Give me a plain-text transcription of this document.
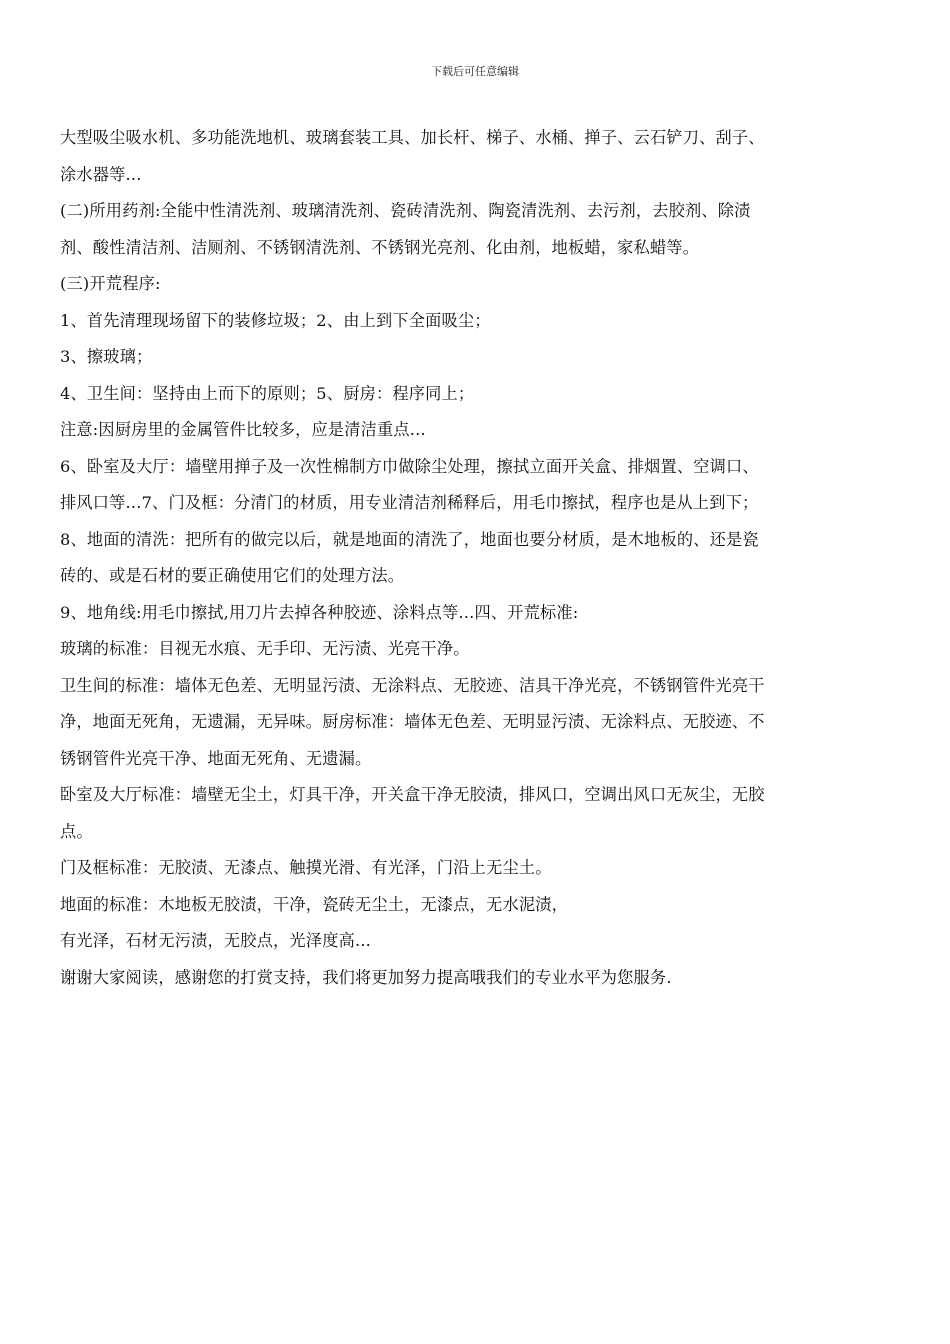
下载后可任意编辑
大型吸尘吸水机、多功能洗地机、玻璃套装工具、加长杆、梯子、水桶、掸子、云石铲刀、刮子、
涂水器等...
(二)所用药剂:全能中性清洗剂、玻璃清洗剂、瓷砖清洗剂、陶瓷清洗剂、去污剂，去胶剂、除渍
剂、酸性清洁剂、洁厕剂、不锈钢清洗剂、不锈钢光亮剂、化由剂，地板蜡，家私蜡等。
(三)开荒程序:
1、首先清理现场留下的装修垃圾；2、由上到下全面吸尘；
3、擦玻璃；
4、卫生间：坚持由上而下的原则；5、厨房：程序同上；
注意:因厨房里的金属管件比较多，应是清洁重点...
6、卧室及大厅：墙壁用掸子及一次性棉制方巾做除尘处理，擦拭立面开关盒、排烟置、空调口、
排风口等...7、门及框：分清门的材质，用专业清洁剂稀释后，用毛巾擦拭，程序也是从上到下；
8、地面的清洗：把所有的做完以后，就是地面的清洗了，地面也要分材质，是木地板的、还是瓷
砖的、或是石材的要正确使用它们的处理方法。
9、地角线:用毛巾擦拭,用刀片去掉各种胶迹、涂料点等...四、开荒标准:
玻璃的标准：目视无水痕、无手印、无污渍、光亮干净。
卫生间的标准：墙体无色差、无明显污渍、无涂料点、无胶迹、洁具干净光亮，不锈钢管件光亮干
净，地面无死角，无遗漏，无异味。厨房标准：墙体无色差、无明显污渍、无涂料点、无胶迹、不
锈钢管件光亮干净、地面无死角、无遗漏。
卧室及大厅标准：墙壁无尘土，灯具干净，开关盒干净无胶渍，排风口，空调出风口无灰尘，无胶
点。
门及框标准：无胶渍、无漆点、触摸光滑、有光泽，门沿上无尘土。
地面的标准：木地板无胶渍，干净，瓷砖无尘土，无漆点，无水泥渍，
有光泽，石材无污渍，无胶点，光泽度高...
谢谢大家阅读，感谢您的打赏支持，我们将更加努力提高哦我们的专业水平为您服务.
